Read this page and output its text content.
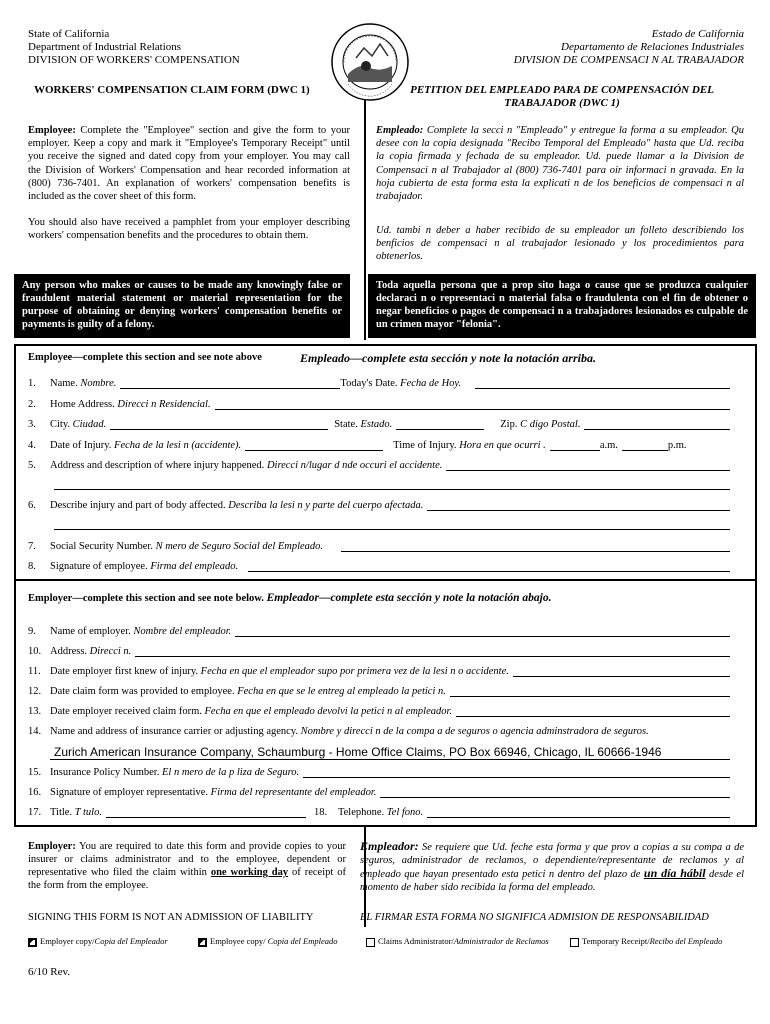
State of California
Department of Industrial Relations
DIVISION OF WORKERS' COMPENSATION
Estado de California
Departamento de Relaciones Industriales
DIVISION DE COMPENSACI N AL TRABAJADOR
WORKERS' COMPENSATION CLAIM FORM (DWC 1)	PETITION DEL EMPLEADO PARA DE COMPENSACIÓN DEL TRABAJADOR (DWC 1)
Employee: Complete the "Employee" section and give the form to your employer. Keep a copy and mark it "Employee's Temporary Receipt" until you receive the signed and dated copy from your employer. You may call the Division of Workers' Compensation and hear recorded information at (800) 736-7401. An explanation of workers' compensation benefits is included as the cover sheet of this form.
You should also have received a pamphlet from your employer describing workers' compensation benefits and the procedures to obtain them.
Empleado: Complete la secci n "Empleado" y entregue la forma a su empleador. Qu desee con la copia designada "Recibo Temporal del Empleado" hasta que Ud. reciba la copia firmada y fechada de su empleador. Ud. puede llamar a la Division de Compensaci n al Trabajador al (800) 736-7401 para oir informaci n gravada. En la hoja cubierta de esta forma esta la explicati n de los beneficios de compensaci n al trabajador.
Ud. tambi n deber a haber recibido de su empleador un folleto describiendo los benficios de compensaci n al trabajador lesionado y los procedimientos para obtenerlos.
Any person who makes or causes to be made any knowingly false or fraudulent material statement or material representation for the purpose of obtaining or denying workers' compensation benefits or payments is guilty of a felony.
Toda aquella persona que a prop sito haga o cause que se produzca cualquier declaraci n o representaci n material falsa o fraudulenta con el fin de obtener o negar beneficios o pagos de compensaci n a trabajadores lesionados es culpable de un crimen mayor "felonia".
Employee—complete this section and see note above	Empleado—complete esta sección y note la notación arriba.
1.	Name.
Nombre.	Today's Date.
Fecha de Hoy.
2.	Home Address.
Direcci n Residencial.
3.	City.
Ciudad.	State.
Estado.	Zip.
C digo Postal.
4.	Date of Injury.
Fecha de la lesi n (accidente).	Time of Injury.
Hora en que ocurri .	a.m.	p.m.
5.	Address and description of where injury happened.
Direcci n/lugar d nde occuri el accidente.
6.	Describe injury and part of body affected.
Describa la lesi n y parte del cuerpo afectada.
7.	Social Security Number.
N mero de Seguro Social del Empleado.
8.	Signature of employee.
Firma del empleado.
Employer—complete this section and see note below. Empleador—complete esta sección y note la notación abajo.
9.	Name of employer.
Nombre del empleador.
10. Address.
Direcci n.
11. Date employer first knew of injury.
Fecha en que el empleador supo por primera vez de la lesi n o accidente.
12. Date claim form was provided to employee.
Fecha en que se le entreg al empleado la petici n.
13. Date employer received claim form.
Fecha en que el empleado devolvi la petici n al empleador.
14. Name and address of insurance carrier or adjusting agency.
Nombre y direcci n de la compa a de seguros o agencia adminstradora de seguros.
Zurich American Insurance Company, Schaumburg - Home Office Claims, PO Box 66946, Chicago, IL 60666-1946
15. Insurance Policy Number.
El n mero de la p liza de Seguro.
16. Signature of employer representative.
Firma del representante del empleador.
17. Title.
T tulo.	18.	Telephone.
Tel fono.
Employer: You are required to date this form and provide copies to your insurer or claims administrator and to the employee, dependent or representative who filed the claim within one working day of receipt of the form from the employee.
Empleador: Se requiere que Ud. feche esta forma y que prov a copias a su compa a de seguros, administrador de reclamos, o dependiente/representante de reclamos y al empleado que hayan presentado esta petici n dentro del plazo de un día hábil desde el momento de haber sido recibida la forma del empleado.
SIGNING THIS FORM IS NOT AN ADMISSION OF LIABILITY	EL FIRMAR ESTA FORMA NO SIGNIFICA ADMISION DE RESPONSABILIDAD
Employer copy/Copia del Empleador	Employee copy/ Copia del Empleado	Claims Administrator/Administrador de Reclamos	Temporary Receipt/Recibo del Empleado
6/10 Rev.
